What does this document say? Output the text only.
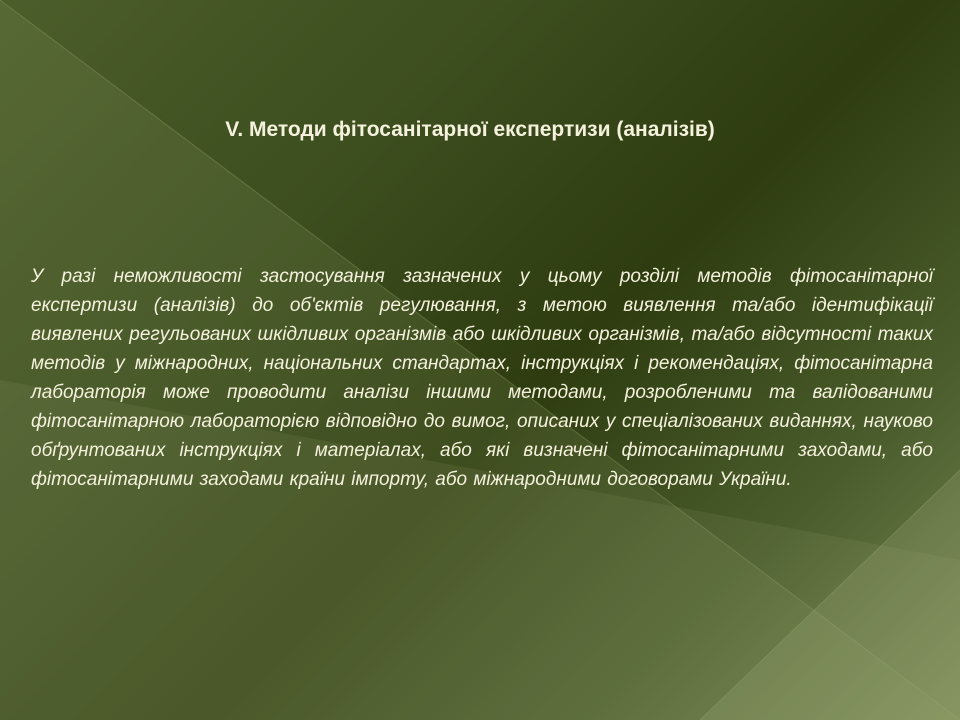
V. Методи фітосанітарної експертизи (аналізів)

У разі неможливості застосування зазначених у цьому розділі методів фітосанітарної експертизи (аналізів) до об'єктів регулювання, з метою виявлення та/або ідентифікації виявлених регульованих шкідливих організмів або шкідливих організмів, та/або відсутності таких методів у міжнародних, національних стандартах, інструкціях і рекомендаціях, фітосанітарна лабораторія може проводити аналізи іншими методами, розробленими та валідованими фітосанітарною лабораторією відповідно до вимог, описаних у спеціалізованих виданнях, науково обґрунтованих інструкціях і матеріалах, або які визначені фітосанітарними заходами, або фітосанітарними заходами країни імпорту, або міжнародними договорами України.
